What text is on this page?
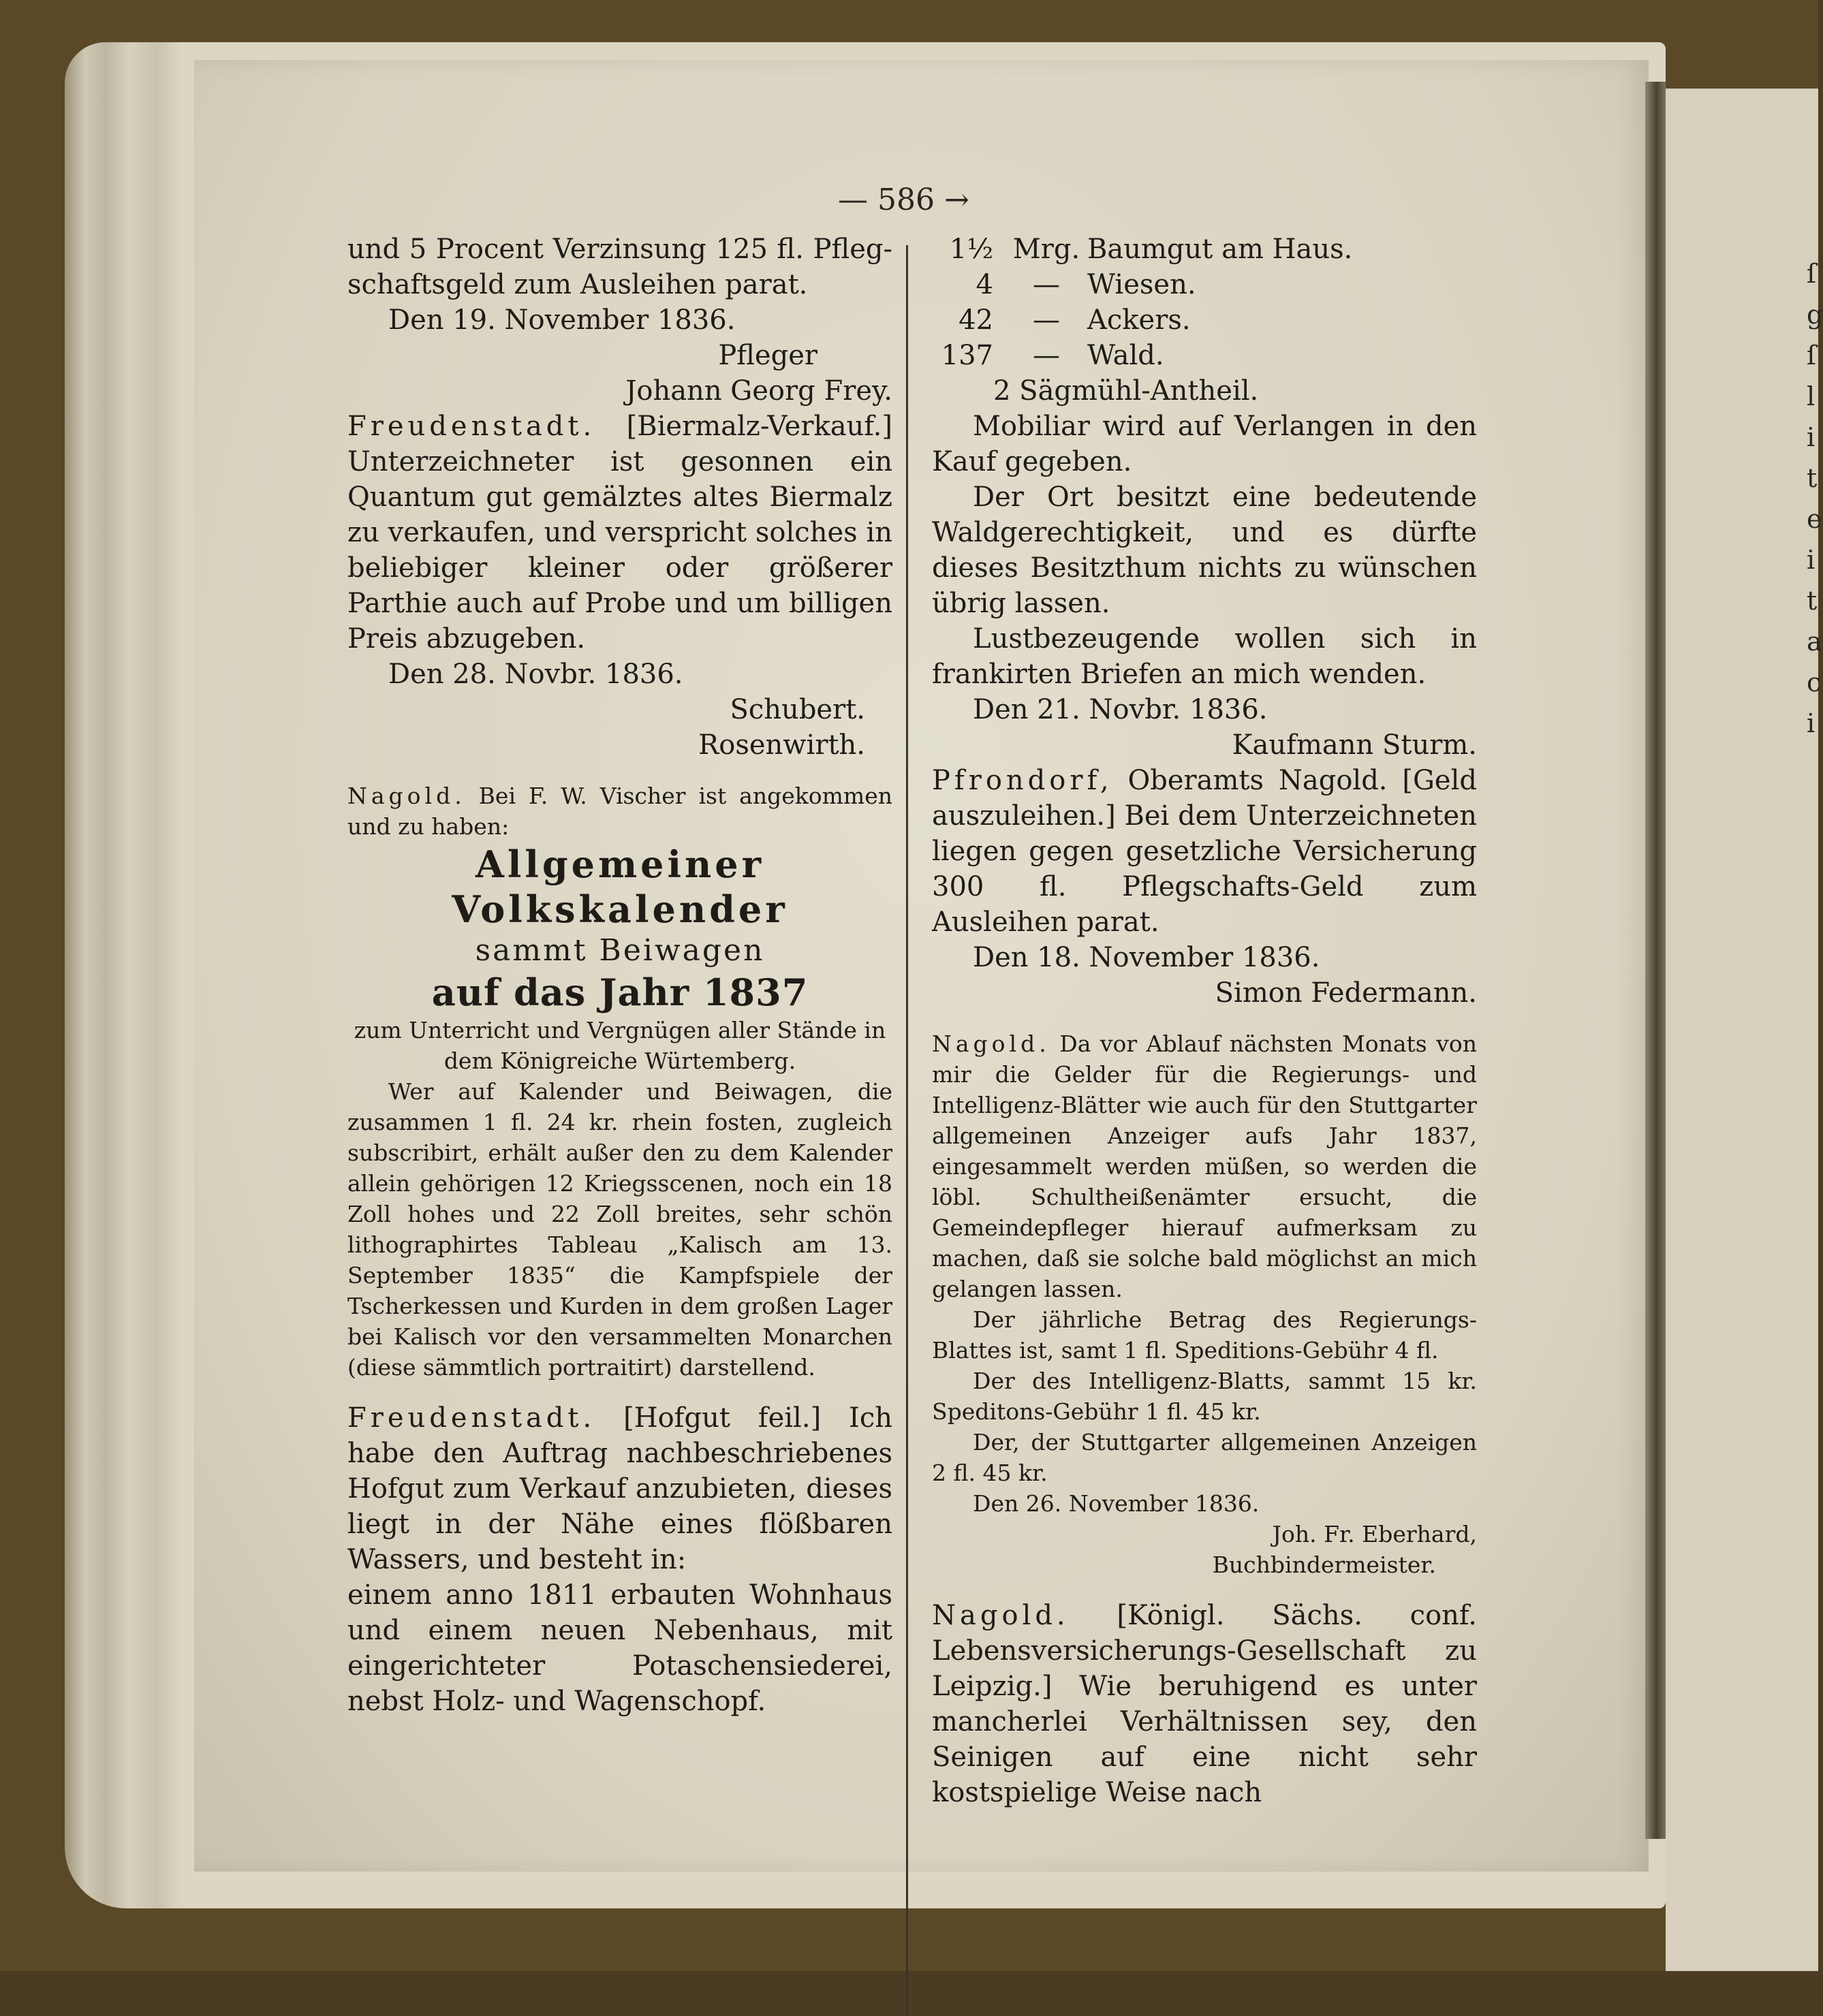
ſ
g
ſ
l
i
t
e
i
t
a
c
i
— 586 →

und 5 Procent Verzinsung 125 fl. Pfleg-schaftsgeld zum Ausleihen parat.

Den 19. November 1836.

Pfleger

Johann Georg Frey.

Freudenstadt. [Biermalz-Verkauf.] Unterzeichneter ist gesonnen ein Quantum gut gemälztes altes Biermalz zu verkaufen, und verspricht solches in beliebiger kleiner oder größerer Parthie auch auf Probe und um billigen Preis abzugeben.

Den 28. Novbr. 1836.

Schubert.

Rosenwirth.

Nagold. Bei F. W. Vischer ist angekommen und zu haben:

Allgemeiner Volkskalender

sammt Beiwagen

auf das Jahr 1837

zum Unterricht und Vergnügen aller Stände in dem Königreiche Würtemberg.

Wer auf Kalender und Beiwagen, die zusammen 1 fl. 24 kr. rhein fosten, zugleich subscribirt, erhält außer den zu dem Kalender allein gehörigen 12 Kriegsscenen, noch ein 18 Zoll hohes und 22 Zoll breites, sehr schön lithographirtes Tableau „Kalisch am 13. September 1835“ die Kampfspiele der Tscherkessen und Kurden in dem großen Lager bei Kalisch vor den versammelten Monarchen (diese sämmtlich portraitirt) darstellend.

Freudenstadt. [Hofgut feil.] Ich habe den Auftrag nachbeschriebenes Hofgut zum Verkauf anzubieten, dieses liegt in der Nähe eines flößbaren Wassers, und besteht in:

einem anno 1811 erbauten Wohnhaus und einem neuen Nebenhaus, mit eingerichteter Potaschensiederei, nebst Holz- und Wagenschopf.

1½ Mrg. Baumgut am Haus.
4	—	Wiesen.
42	—	Ackers.
137	—	Wald.

2 Sägmühl-Antheil.

Mobiliar wird auf Verlangen in den Kauf gegeben.

Der Ort besitzt eine bedeutende Waldgerechtigkeit, und es dürfte dieses Besitzthum nichts zu wünschen übrig lassen.

Lustbezeugende wollen sich in frankirten Briefen an mich wenden.

Den 21. Novbr. 1836.

Kaufmann Sturm.

Pfrondorf, Oberamts Nagold. [Geld auszuleihen.] Bei dem Unterzeichneten liegen gegen gesetzliche Versicherung 300 fl. Pflegschafts-Geld zum Ausleihen parat.

Den 18. November 1836.

Simon Federmann.

Nagold. Da vor Ablauf nächsten Monats von mir die Gelder für die Regierungs- und Intelligenz-Blätter wie auch für den Stuttgarter allgemeinen Anzeiger aufs Jahr 1837, eingesammelt werden müßen, so werden die löbl. Schultheißenämter ersucht, die Gemeindepfleger hierauf aufmerksam zu machen, daß sie solche bald möglichst an mich gelangen lassen.

Der jährliche Betrag des Regierungs-Blattes ist, samt 1 fl. Speditions-Gebühr 4 fl.

Der des Intelligenz-Blatts, sammt 15 kr. Speditons-Gebühr 1 fl. 45 kr.

Der, der Stuttgarter allgemeinen Anzeigen 2 fl. 45 kr.

Den 26. November 1836.

Joh. Fr. Eberhard,

Buchbindermeister.

Nagold. [Königl. Sächs. conf. Lebensversicherungs-Gesellschaft zu Leipzig.] Wie beruhigend es unter mancherlei Verhältnissen sey, den Seinigen auf eine nicht sehr kostspielige Weise nach
